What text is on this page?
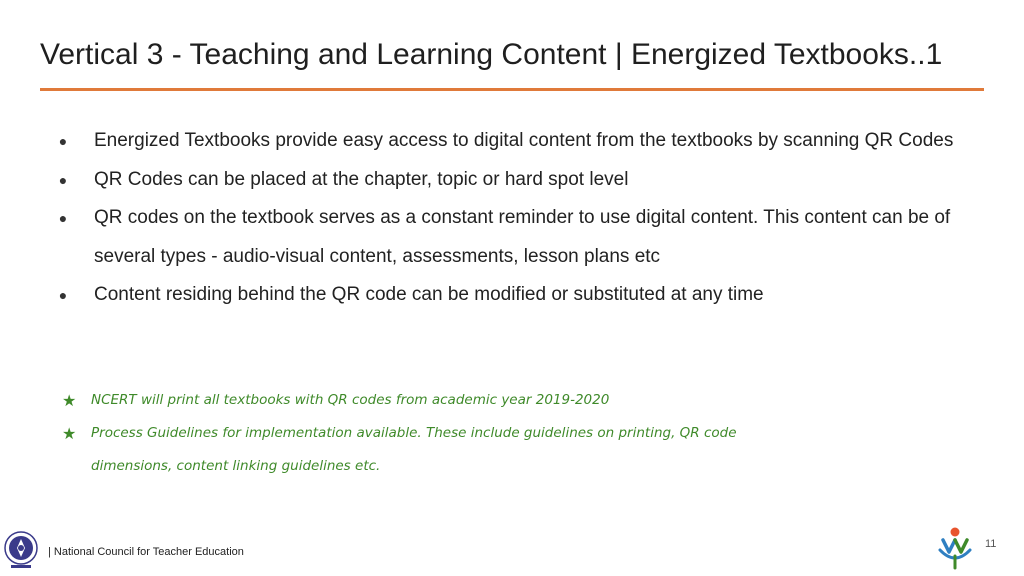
Vertical 3 - Teaching and Learning Content | Energized Textbooks..1
● Energized Textbooks provide easy access to digital content from the textbooks by scanning QR Codes
● QR Codes can be placed at the chapter, topic or hard spot level
● QR codes on the textbook serves as a constant reminder to use digital content. This content can be of several types - audio-visual content, assessments, lesson plans etc
● Content residing behind the QR code can be modified or substituted at any time
★ NCERT will print all textbooks with QR codes from academic year 2019-2020
★ Process Guidelines for implementation available. These include guidelines on printing, QR code dimensions, content linking guidelines etc.
| National Council for Teacher Education
11
